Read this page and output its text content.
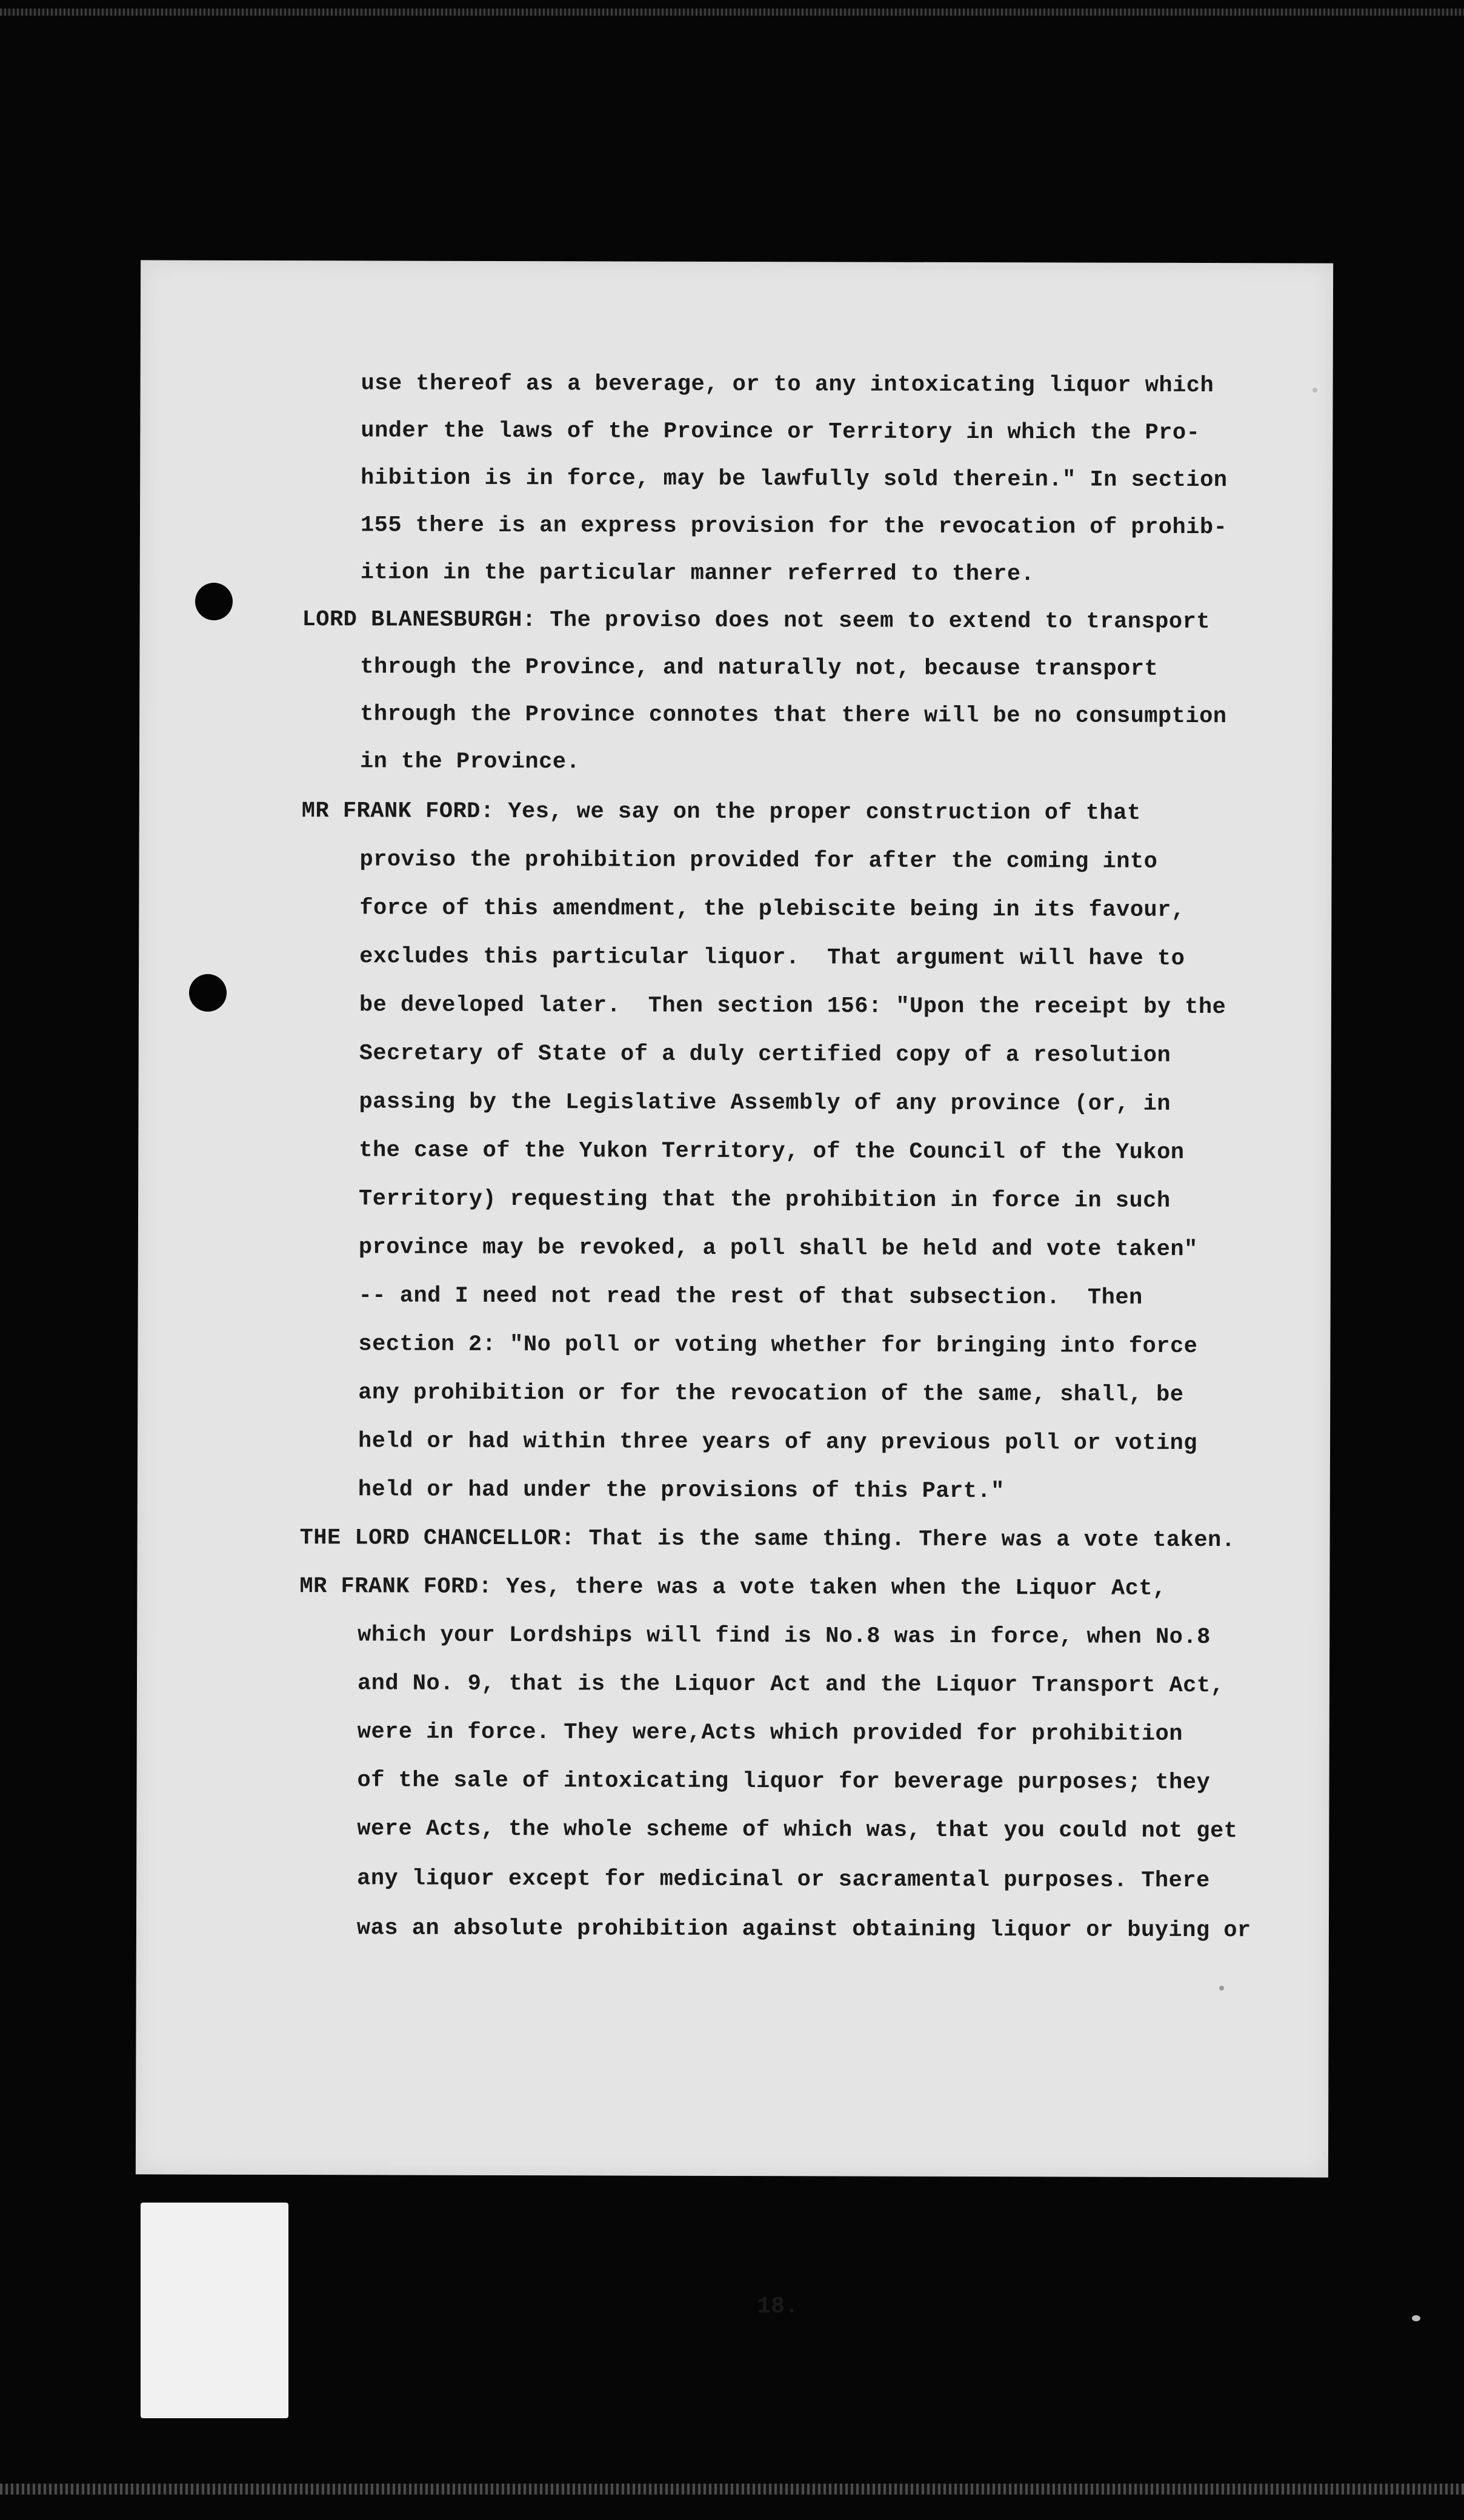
use thereof as a beverage, or to any intoxicating liquor which
under the laws of the Province or Territory in which the Pro-
hibition is in force, may be lawfully sold therein." In section
155 there is an express provision for the revocation of prohib-
ition in the particular manner referred to there.
LORD BLANESBURGH: The proviso does not seem to extend to transport
through the Province, and naturally not, because transport
through the Province connotes that there will be no consumption
in the Province.
MR FRANK FORD: Yes, we say on the proper construction of that
proviso the prohibition provided for after the coming into
force of this amendment, the plebiscite being in its favour,
excludes this particular liquor.  That argument will have to
be developed later.  Then section 156: "Upon the receipt by the
Secretary of State of a duly certified copy of a resolution
passing by the Legislative Assembly of any province (or, in
the case of the Yukon Territory, of the Council of the Yukon
Territory) requesting that the prohibition in force in such
province may be revoked, a poll shall be held and vote taken"
-- and I need not read the rest of that subsection.  Then
section 2: "No poll or voting whether for bringing into force
any prohibition or for the revocation of the same, shall, be
held or had within three years of any previous poll or voting
held or had under the provisions of this Part."
THE LORD CHANCELLOR: That is the same thing. There was a vote taken.
MR FRANK FORD: Yes, there was a vote taken when the Liquor Act,
which your Lordships will find is No.8 was in force, when No.8
and No. 9, that is the Liquor Act and the Liquor Transport Act,
were in force. They were,Acts which provided for prohibition
of the sale of intoxicating liquor for beverage purposes; they
were Acts, the whole scheme of which was, that you could not get
any liquor except for medicinal or sacramental purposes. There
was an absolute prohibition against obtaining liquor or buying or
18.
